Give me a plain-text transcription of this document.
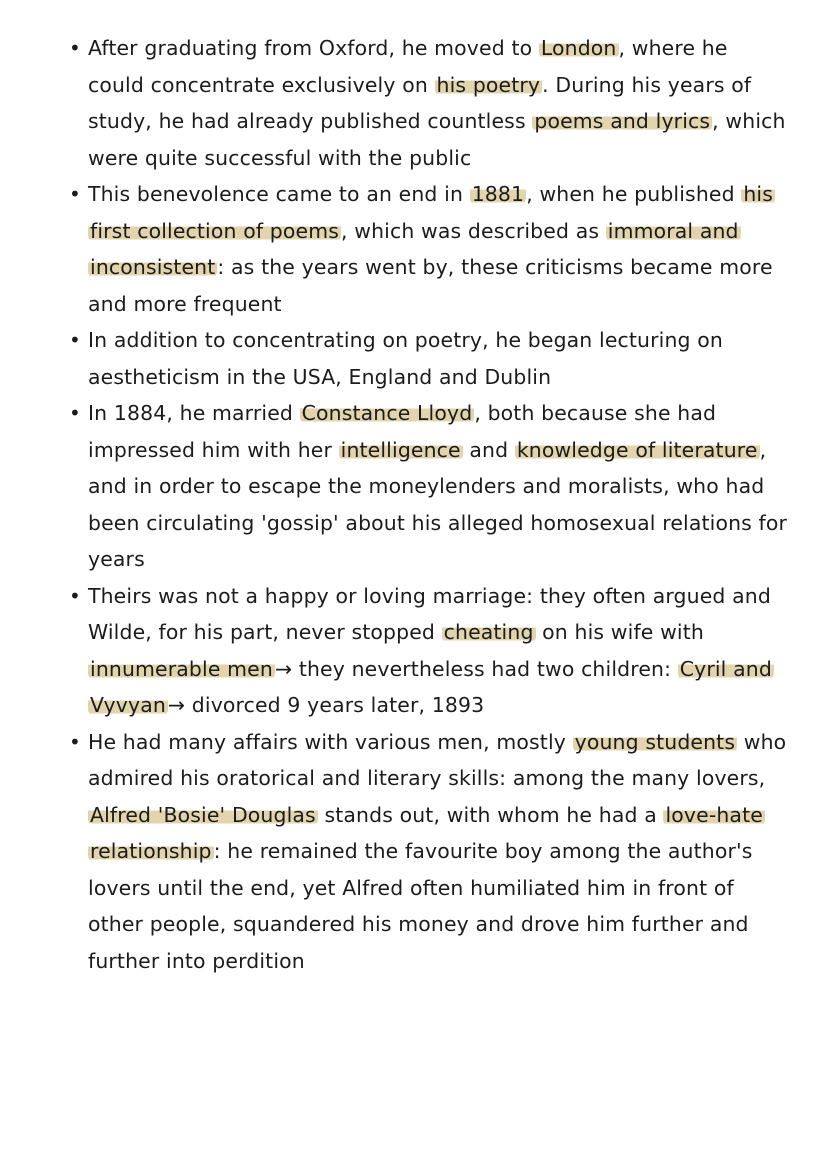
• After graduating from Oxford, he moved to London, where he could concentrate exclusively on his poetry. During his years of study, he had already published countless poems and lyrics, which were quite successful with the public
• This benevolence came to an end in 1881, when he published his first collection of poems, which was described as immoral and inconsistent: as the years went by, these criticisms became more and more frequent
• In addition to concentrating on poetry, he began lecturing on aestheticism in the USA, England and Dublin
• In 1884, he married Constance Lloyd, both because she had impressed him with her intelligence and knowledge of literature, and in order to escape the moneylenders and moralists, who had been circulating 'gossip' about his alleged homosexual relations for years
• Theirs was not a happy or loving marriage: they often argued and Wilde, for his part, never stopped cheating on his wife with innumerable men→ they nevertheless had two children: Cyril and Vyvyan→ divorced 9 years later, 1893
• He had many affairs with various men, mostly young students who admired his oratorical and literary skills: among the many lovers, Alfred 'Bosie' Douglas stands out, with whom he had a love-hate relationship: he remained the favourite boy among the author's lovers until the end, yet Alfred often humiliated him in front of other people, squandered his money and drove him further and further into perdition
